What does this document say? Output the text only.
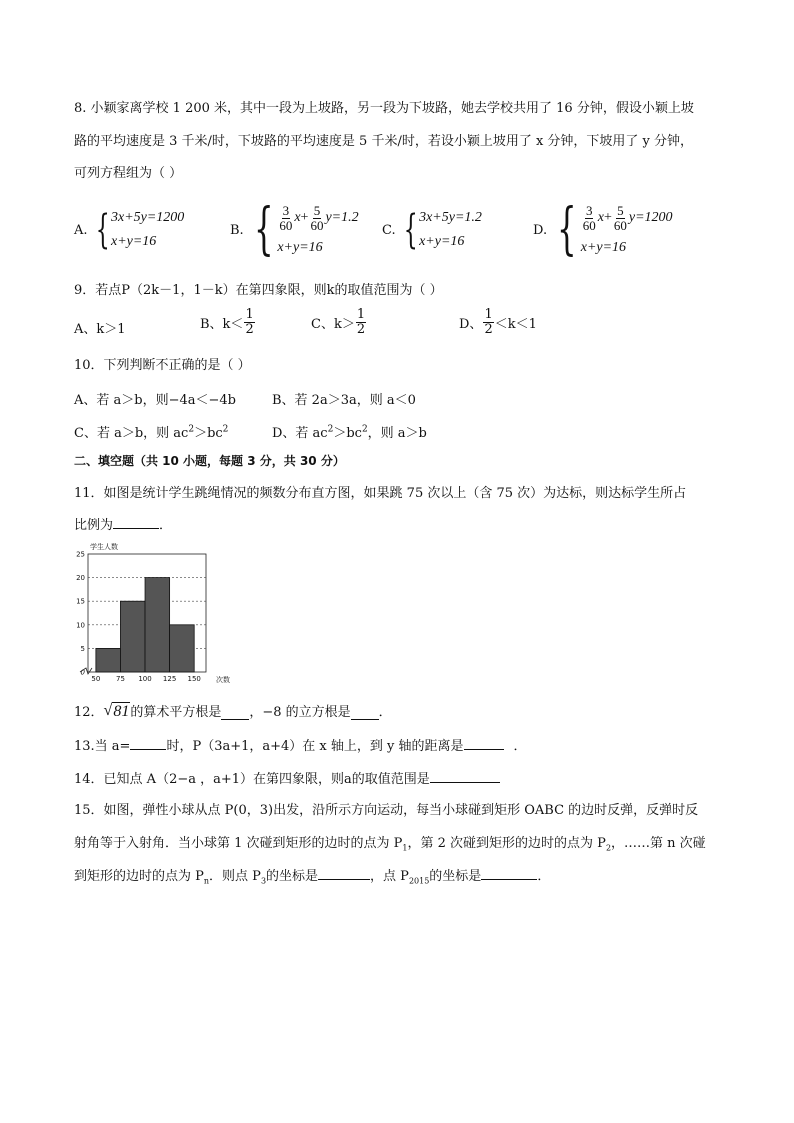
8. 小颖家离学校 1 200 米，其中一段为上坡路，另一段为下坡路，她去学校共用了 16 分钟，假设小颖上坡
路的平均速度是 3 千米/时，下坡路的平均速度是 5 千米/时，若设小颖上坡用了 x 分钟，下坡用了 y 分钟，
可列方程组为（ ）
A. { 3x+5y=1200
x+y=16
B. { $\frac{3}{60}$ $x + \frac{5}{60} y=1.2$
x+y=16
C. { 3x+5y=1.2
x+y=16
D. { $\frac{3}{60}$ $x + \frac{5}{60} y=1200$
x+y=16
9．若点P（2k－1，1－k）在第四象限，则k的取值范围为（ ）
A、k＞1	B、$k< \frac{1}{2}$	C、$k> \frac{1}{2}$	D、 $\frac{1}{2} <k<1$
10．下列判断不正确的是（ ）
A、若 a＞b，则−4a＜−4b	B、若 2a＞3a，则 a＜0
C、若 a＞b，则 $ac^2>bc^2$	D、若 $ac^2>bc^2$，则 a＞b
二、填空题（共 10 小题，每题 3 分，共 30 分）
11．如图是统计学生跳绳情况的频数分布直方图，如果跳 75 次以上（含 75 次）为达标，则达标学生所占
比例为	．
0
5
10
15
20
25
50 75 100 125 150
学生人数
次数
12． √ 81 的算术平方根是 ，−8 的立方根是 ．
13.当 a=	时，P（3a+1，a+4）在 x 轴上，到 y 轴的距离是	．
14．已知点 A（2−a ，a+1）在第四象限，则a的取值范围是
15．如图，弹性小球从点 P(0，3)出发，沿所示方向运动，每当小球碰到矩形 OABC 的边时反弹，反弹时反
射角等于入射角．当小球第 1 次碰到矩形的边时的点为 $P_1$，第 2 次碰到矩形的边时的点为 $P_2$，……第 n 次碰
到矩形的边时的点为 $P_n$．则点 $P_3$的坐标是	，点 $P_{2015}$的坐标是	．
